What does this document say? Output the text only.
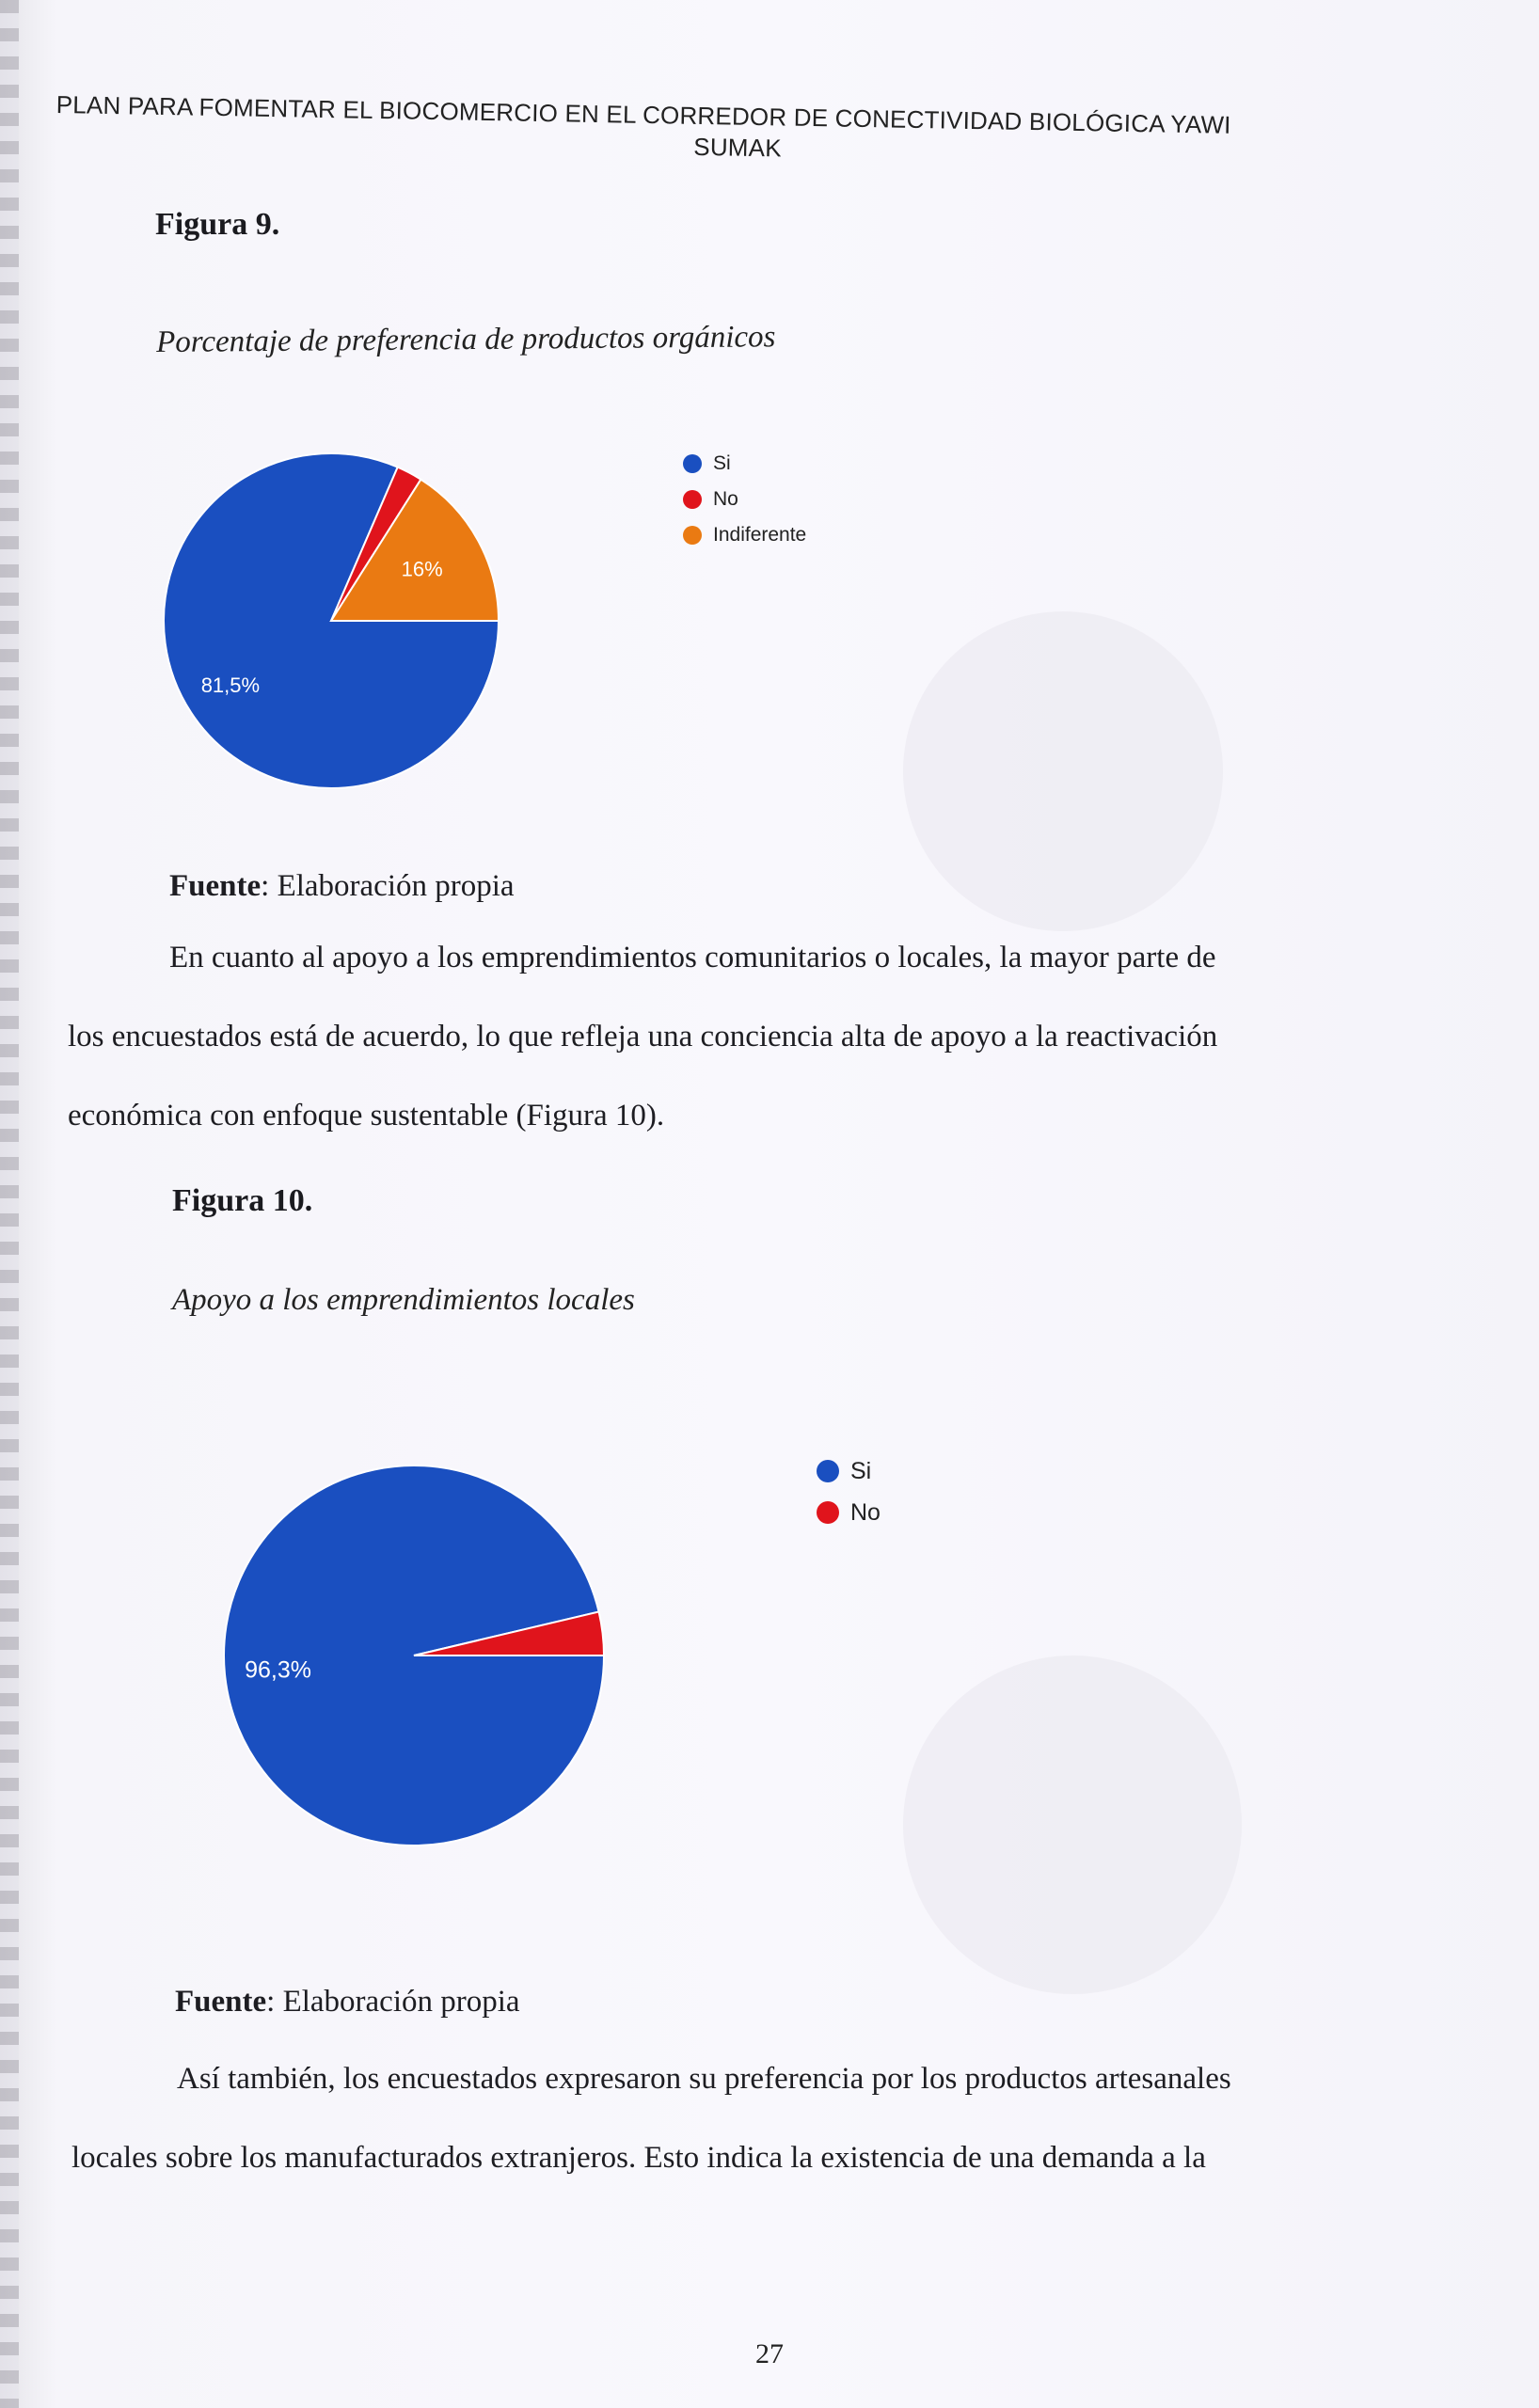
PLAN PARA FOMENTAR EL BIOCOMERCIO EN EL CORREDOR DE CONECTIVIDAD BIOLÓGICA YAWI
SUMAK
Figura 9.
Porcentaje de preferencia de productos orgánicos
81,5%
16%
Si
No
Indiferente
Fuente: Elaboración propia
En cuanto al apoyo a los emprendimientos comunitarios o locales, la mayor parte de
los encuestados está de acuerdo, lo que refleja una conciencia alta de apoyo a la reactivación
económica con enfoque sustentable (Figura 10).
Figura 10.
Apoyo a los emprendimientos locales
96,3%
Si
No
Fuente: Elaboración propia
Así también, los encuestados expresaron su preferencia por los productos artesanales
locales sobre los manufacturados extranjeros. Esto indica la existencia de una demanda a la
27
